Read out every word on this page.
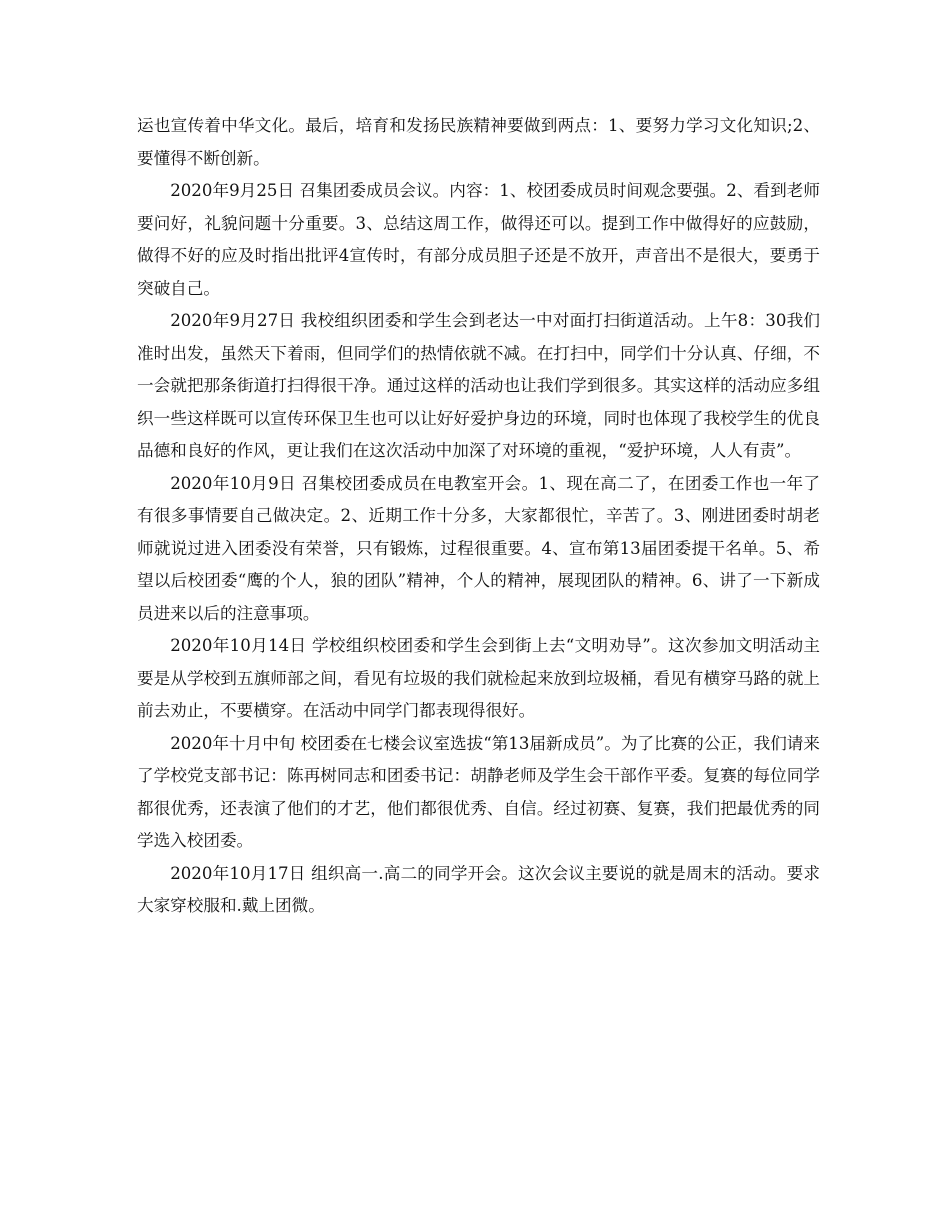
运也宣传着中华文化。最后，培育和发扬民族精神要做到两点：1、要努力学习文化知识;2、要懂得不断创新。

2020年9月25日 召集团委成员会议。内容：1、校团委成员时间观念要强。2、看到老师要问好，礼貌问题十分重要。3、总结这周工作，做得还可以。提到工作中做得好的应鼓励，做得不好的应及时指出批评4宣传时，有部分成员胆子还是不放开，声音出不是很大，要勇于突破自己。

2020年9月27日 我校组织团委和学生会到老达一中对面打扫街道活动。上午8：30我们准时出发，虽然天下着雨，但同学们的热情依就不减。在打扫中，同学们十分认真、仔细，不一会就把那条街道打扫得很干净。通过这样的活动也让我们学到很多。其实这样的活动应多组织一些这样既可以宣传环保卫生也可以让好好爱护身边的环境，同时也体现了我校学生的优良品德和良好的作风，更让我们在这次活动中加深了对环境的重视，“爱护环境，人人有责”。

2020年10月9日 召集校团委成员在电教室开会。1、现在高二了，在团委工作也一年了有很多事情要自己做决定。2、近期工作十分多，大家都很忙，辛苦了。3、刚进团委时胡老师就说过进入团委没有荣誉，只有锻炼，过程很重要。4、宣布第13届团委提干名单。5、希望以后校团委“鹰的个人，狼的团队”精神，个人的精神，展现团队的精神。6、讲了一下新成员进来以后的注意事项。

2020年10月14日 学校组织校团委和学生会到街上去“文明劝导”。这次参加文明活动主要是从学校到五旗师部之间，看见有垃圾的我们就检起来放到垃圾桶，看见有横穿马路的就上前去劝止，不要横穿。在活动中同学门都表现得很好。

2020年十月中旬 校团委在七楼会议室选拔“第13届新成员”。为了比赛的公正，我们请来了学校党支部书记：陈再树同志和团委书记：胡静老师及学生会干部作平委。复赛的每位同学都很优秀，还表演了他们的才艺，他们都很优秀、自信。经过初赛、复赛，我们把最优秀的同学选入校团委。

2020年10月17日 组织高一.高二的同学开会。这次会议主要说的就是周末的活动。要求大家穿校服和.戴上团微。
